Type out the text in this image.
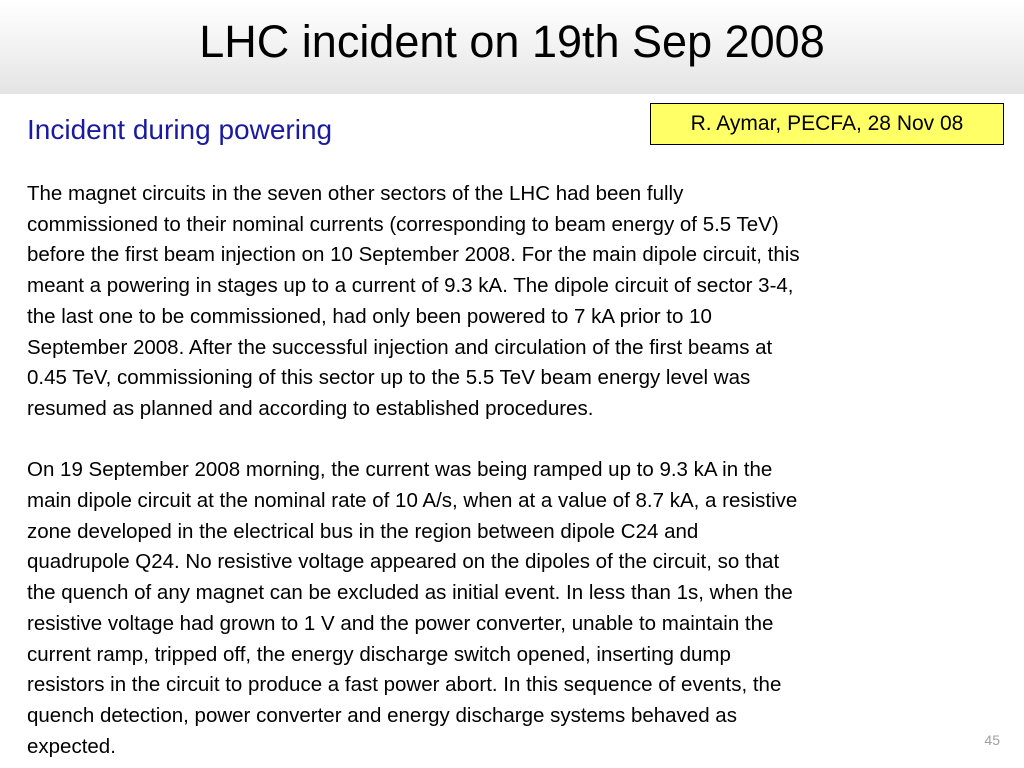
LHC incident on 19th Sep 2008
Incident during powering	R. Aymar, PECFA, 28 Nov 08

The magnet circuits in the seven other sectors of the LHC had been fully
commissioned to their nominal currents (corresponding to beam energy of 5.5 TeV)
before the first beam injection on 10 September 2008. For the main dipole circuit, this
meant a powering in stages up to a current of 9.3 kA. The dipole circuit of sector 3-4,
the last one to be commissioned, had only been powered to 7 kA prior to 10
September 2008. After the successful injection and circulation of the first beams at
0.45 TeV, commissioning of this sector up to the 5.5 TeV beam energy level was
resumed as planned and according to established procedures.

On 19 September 2008 morning, the current was being ramped up to 9.3 kA in the
main dipole circuit at the nominal rate of 10 A/s, when at a value of 8.7 kA, a resistive
zone developed in the electrical bus in the region between dipole C24 and
quadrupole Q24. No resistive voltage appeared on the dipoles of the circuit, so that
the quench of any magnet can be excluded as initial event. In less than 1s, when the
resistive voltage had grown to 1 V and the power converter, unable to maintain the
current ramp, tripped off, the energy discharge switch opened, inserting dump
resistors in the circuit to produce a fast power abort. In this sequence of events, the
quench detection, power converter and energy discharge systems behaved as
expected.	45
